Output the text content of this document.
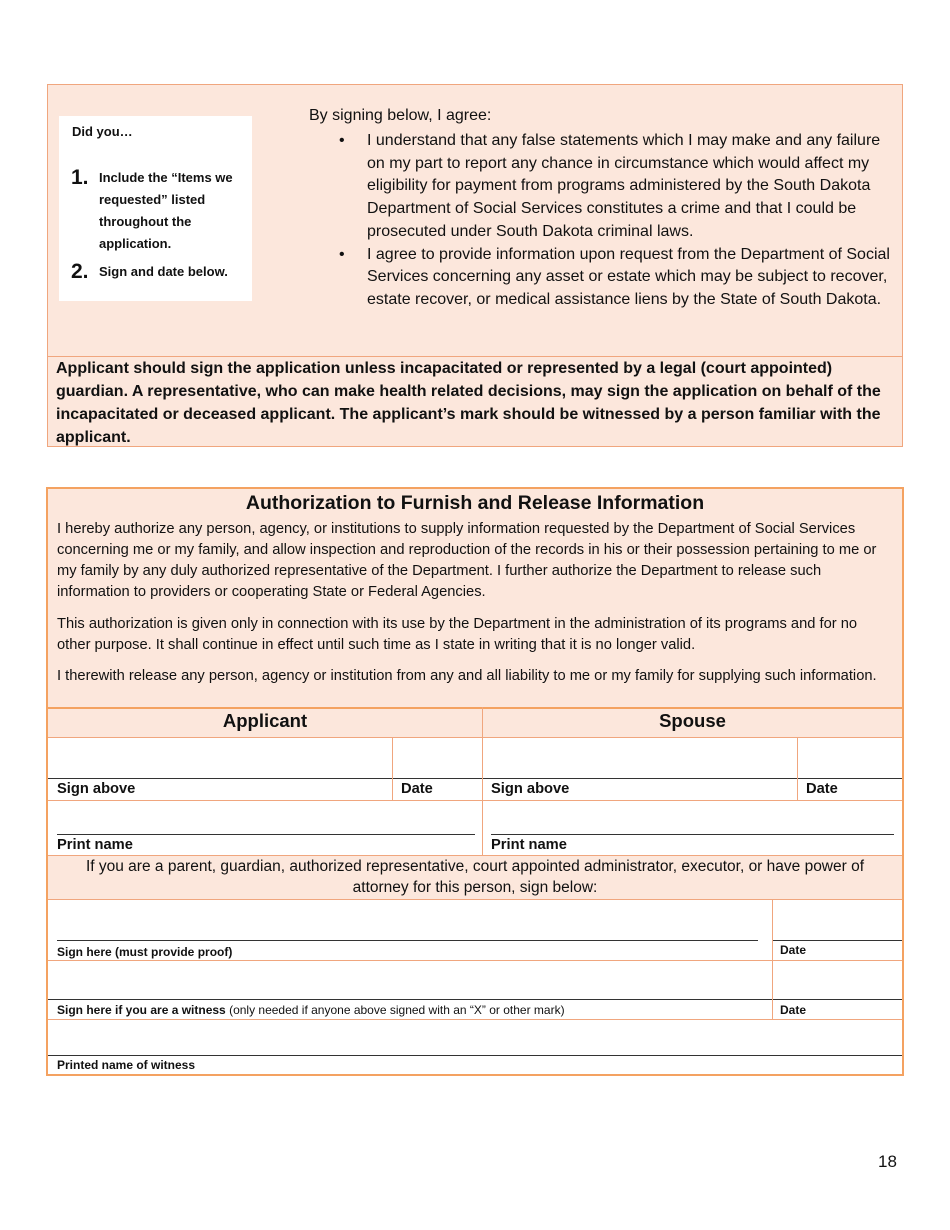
Did you…
1. Include the “Items we requested” listed throughout the application.
2. Sign and date below.
By signing below, I agree:
• I understand that any false statements which I may make and any failure on my part to report any chance in circumstance which would affect my eligibility for payment from programs administered by the South Dakota Department of Social Services constitutes a crime and that I could be prosecuted under South Dakota criminal laws.
• I agree to provide information upon request from the Department of Social Services concerning any asset or estate which may be subject to recover, estate recover, or medical assistance liens by the State of South Dakota.
Applicant should sign the application unless incapacitated or represented by a legal (court appointed) guardian. A representative, who can make health related decisions, may sign the application on behalf of the incapacitated or deceased applicant. The applicant’s mark should be witnessed by a person familiar with the applicant.
Authorization to Furnish and Release Information

I hereby authorize any person, agency, or institutions to supply information requested by the Department of Social Services concerning me or my family, and allow inspection and reproduction of the records in his or their possession pertaining to me or my family by any duly authorized representative of the Department. I further authorize the Department to release such information to providers or cooperating State or Federal Agencies.

This authorization is given only in connection with its use by the Department in the administration of its programs and for no other purpose. It shall continue in effect until such time as I state in writing that it is no longer valid.

I therewith release any person, agency or institution from any and all liability to me or my family for supplying such information.

Applicant	Spouse
Sign above	Date	Sign above	Date
Print name	Print name
If you are a parent, guardian, authorized representative, court appointed administrator, executor, or have power of attorney for this person, sign below:
Sign here (must provide proof)	Date
Sign here if you are a witness (only needed if anyone above signed with an “X” or other mark)	Date
Printed name of witness
18
